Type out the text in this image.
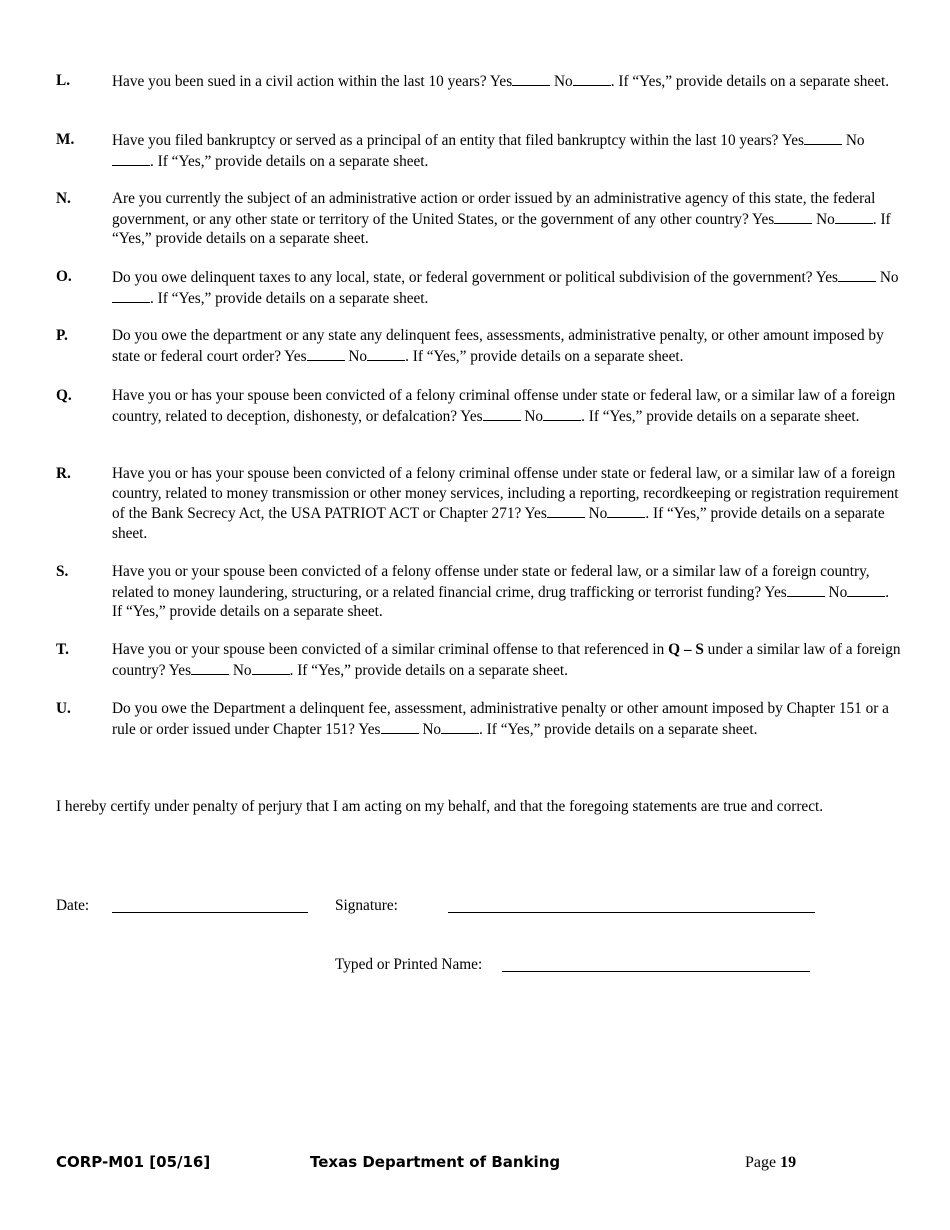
L.	Have you been sued in a civil action within the last 10 years? Yes No . If “Yes,” provide details on a separate sheet.
M. Have you filed bankruptcy or served as a principal of an entity that filed bankruptcy within the last 10 years? Yes No. If “Yes,” provide details on a separate sheet.
N.	Are you currently the subject of an administrative action or order issued by an administrative agency of this state, the federal government, or any other state or territory of the United States, or the government of any other country? Yes No . If “Yes,” provide details on a separate sheet.
O.	Do you owe delinquent taxes to any local, state, or federal government or political subdivision of the government? Yes No. If “Yes,” provide details on a separate sheet.
P.	Do you owe the department or any state any delinquent fees, assessments, administrative penalty, or other amount imposed by state or federal court order? Yes No . If “Yes,” provide details on a separate sheet.
Q.	Have you or has your spouse been convicted of a felony criminal offense under state or federal law, or a similar law of a foreign country, related to deception, dishonesty, or defalcation? Yes No . If “Yes,” provide details on a separate sheet.
R.	Have you or has your spouse been convicted of a felony criminal offense under state or federal law, or a similar law of a foreign country, related to money transmission or other money services, including a reporting, recordkeeping or registration requirement of the Bank Secrecy Act, the USA PATRIOT ACT or Chapter 271? Yes No . If “Yes,” provide details on a separate sheet.
S.	Have you or your spouse been convicted of a felony offense under state or federal law, or a similar law of a foreign country, related to money laundering, structuring, or a related financial crime, drug trafficking or terrorist funding? Yes No . If “Yes,” provide details on a separate sheet.
T.	Have you or your spouse been convicted of a similar criminal offense to that referenced in Q – S under a similar law of a foreign country? Yes No . If “Yes,” provide details on a separate sheet.
U.	Do you owe the Department a delinquent fee, assessment, administrative penalty or other amount imposed by Chapter 151 or a rule or order issued under Chapter 151? Yes No . If “Yes,” provide details on a separate sheet.
I hereby certify under penalty of perjury that I am acting on my behalf, and that the foregoing statements are true and correct.
Date:	Signature:
Typed or Printed Name:
CORP-M01 [05/16]	Texas Department of Banking	Page 19
